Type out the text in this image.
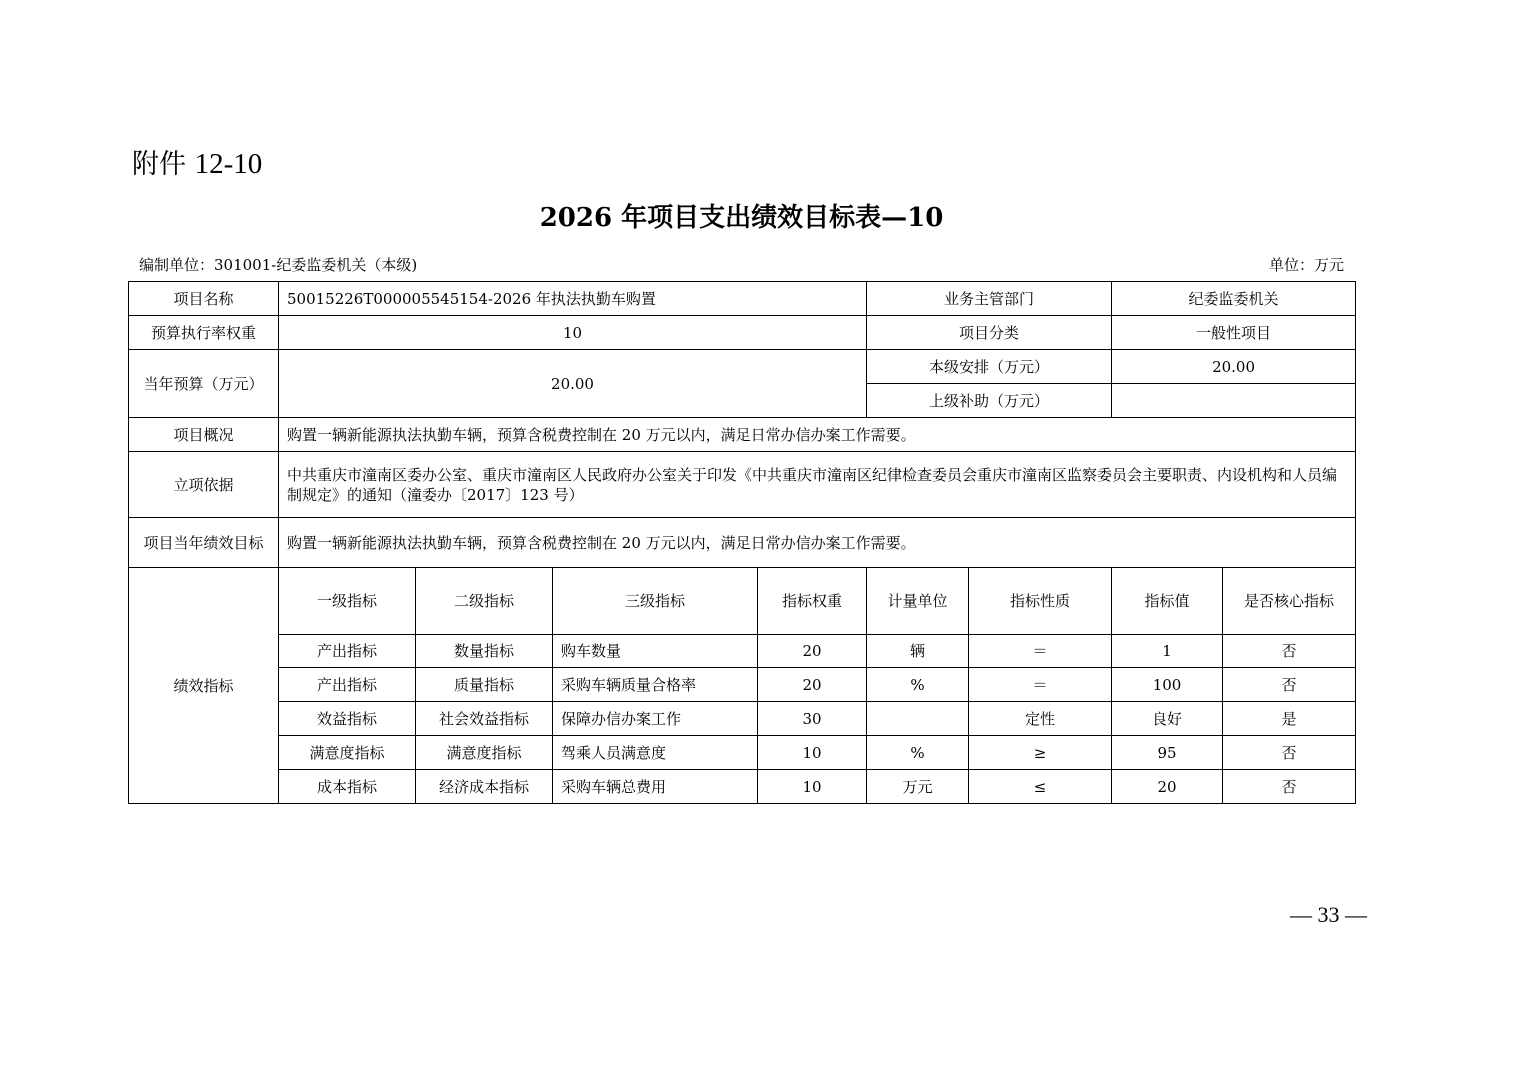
附件 12-10
2026 年项目支出绩效目标表—10
编制单位：301001-纪委监委机关（本级)	单位：万元
项目名称	50015226T000005545154-2026 年执法执勤车购置				业务主管部门		纪委监委机关	
预算执行率权重	10				项目分类		一般性项目	
当年预算（万元）	20.00				本级安排（万元）		20.00	
					上级补助（万元）			
项目概况	购置一辆新能源执法执勤车辆，预算含税费控制在 20 万元以内，满足日常办信办案工作需要。							
立项依据	中共重庆市潼南区委办公室、重庆市潼南区人民政府办公室关于印发《中共重庆市潼南区纪律检查委员会重庆市潼南区监察委员会主要职责、内设机构和人员编制规定》的通知（潼委办〔2017〕123 号）							
项目当年绩效目标	购置一辆新能源执法执勤车辆，预算含税费控制在 20 万元以内，满足日常办信办案工作需要。							
绩效指标	一级指标	二级指标	三级指标	指标权重	计量单位	指标性质	指标值	是否核心指标
	产出指标	数量指标	购车数量	20	辆	＝	1	否
	产出指标	质量指标	采购车辆质量合格率	20	%	＝	100	否
	效益指标	社会效益指标	保障办信办案工作	30		定性	良好	是
	满意度指标	满意度指标	驾乘人员满意度	10	%	≥	95	否
	成本指标	经济成本指标	采购车辆总费用	10	万元	≤	20	否
— 33 —
